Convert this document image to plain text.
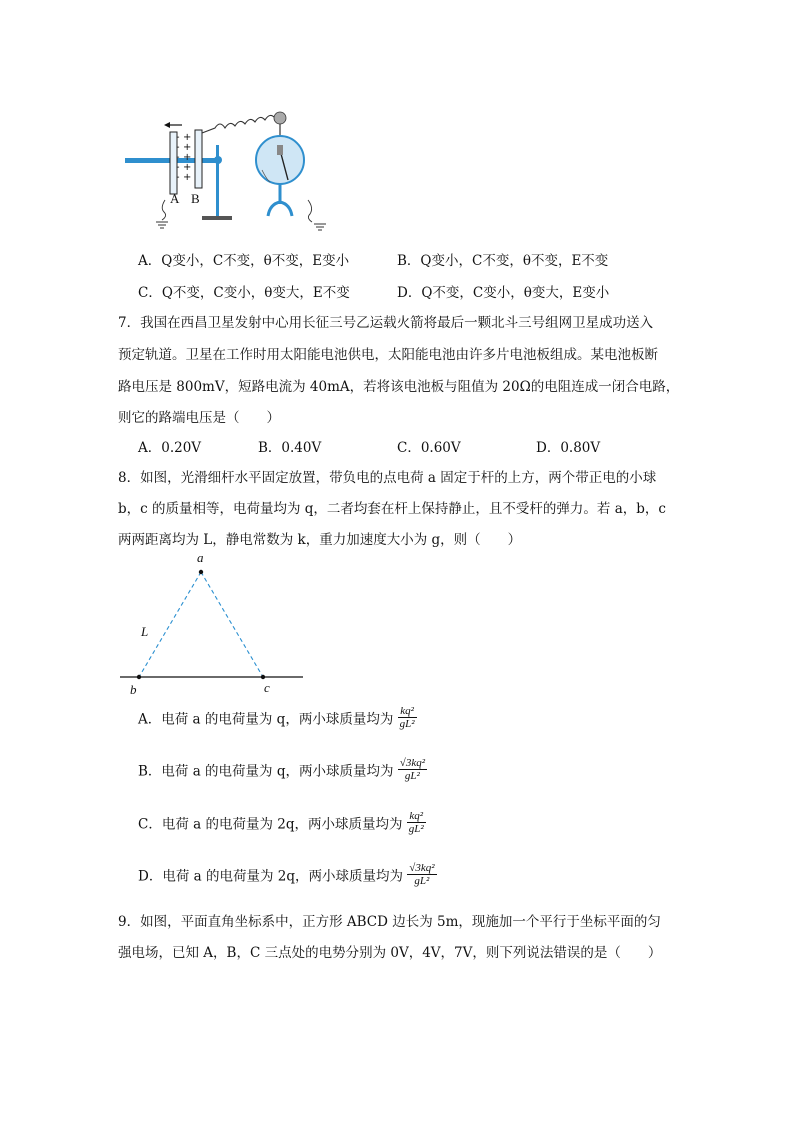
+
+
+
+
+
-
-
-
-
-
A B
A．Q变小，C不变，θ不变，E变小	B．Q变小，C不变，θ不变，E不变
C．Q不变，C变小，θ变大，E不变	D．Q不变，C变小，θ变大，E变小
7．我国在西昌卫星发射中心用长征三号乙运载火箭将最后一颗北斗三号组网卫星成功送入
预定轨道。卫星在工作时用太阳能电池供电，太阳能电池由许多片电池板组成。某电池板断
路电压是 800mV，短路电流为 40mA，若将该电池板与阻值为 20Ω的电阻连成一闭合电路，
则它的路端电压是（　　）
A．0.20V	B．0.40V	C．0.60V	D．0.80V
8．如图，光滑细杆水平固定放置，带负电的点电荷 a 固定于杆的上方，两个带正电的小球
b，c 的质量相等，电荷量均为 q，二者均套在杆上保持静止，且不受杆的弹力。若 a，b，c
两两距离均为 L，静电常数为 k，重力加速度大小为 g，则（　　）
a
L
b	c
A．电荷 a 的电荷量为 q，两小球质量均为 $\frac{\text{kq²}}{\text{gL²}}$
B．电荷 a 的电荷量为 q，两小球质量均为 $\frac{\text{√3kq²}}{\text{gL²}}$
C．电荷 a 的电荷量为 2q，两小球质量均为 $\frac{\text{kq²}}{\text{gL²}}$
D．电荷 a 的电荷量为 2q，两小球质量均为 $\frac{\text{√3kq²}}{\text{gL²}}$
9．如图，平面直角坐标系中，正方形 ABCD 边长为 5m，现施加一个平行于坐标平面的匀
强电场，已知 A，B，C 三点处的电势分别为 0V，4V，7V，则下列说法错误的是（　　）
